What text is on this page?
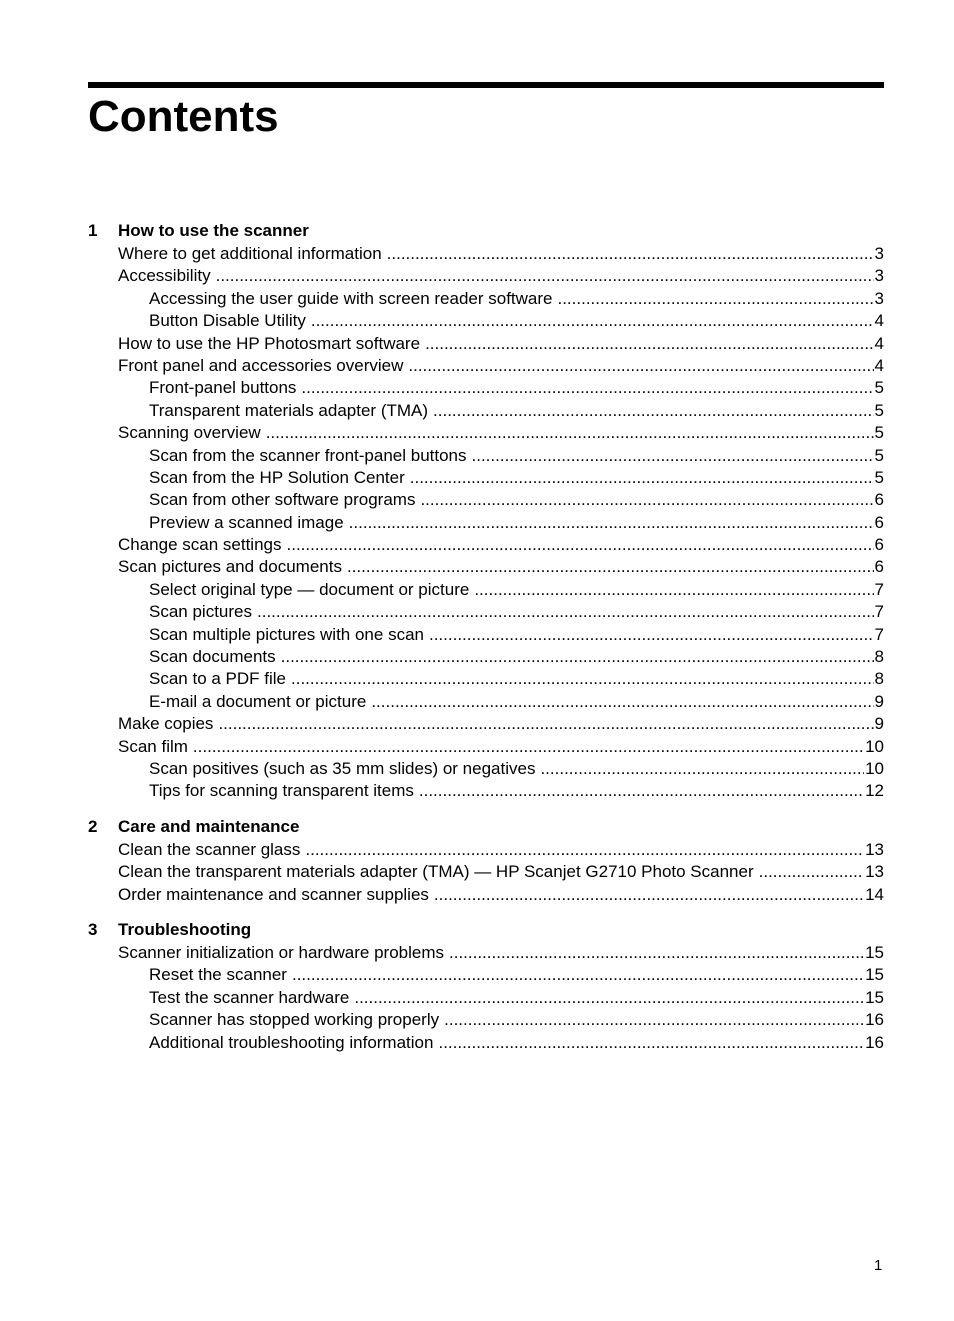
Contents
1	How to use the scanner
Where to get additional information .....	3
Accessibility .....	3
Accessing the user guide with screen reader software .....	3
Button Disable Utility .....	4
How to use the HP Photosmart software .....	4
Front panel and accessories overview .....	4
Front-panel buttons .....	5
Transparent materials adapter (TMA) .....	5
Scanning overview .....	5
Scan from the scanner front-panel buttons .....	5
Scan from the HP Solution Center .....	5
Scan from other software programs .....	6
Preview a scanned image .....	6
Change scan settings .....	6
Scan pictures and documents .....	6
Select original type — document or picture .....	7
Scan pictures .....	7
Scan multiple pictures with one scan .....	7
Scan documents .....	8
Scan to a PDF file .....	8
E-mail a document or picture .....	9
Make copies .....	9
Scan film .....	10
Scan positives (such as 35 mm slides) or negatives .....	10
Tips for scanning transparent items .....	12
2	Care and maintenance
Clean the scanner glass .....	13
Clean the transparent materials adapter (TMA) — HP Scanjet G2710 Photo Scanner .....	13
Order maintenance and scanner supplies .....	14
3	Troubleshooting
Scanner initialization or hardware problems .....	15
Reset the scanner .....	15
Test the scanner hardware .....	15
Scanner has stopped working properly .....	16
Additional troubleshooting information .....	16
1
